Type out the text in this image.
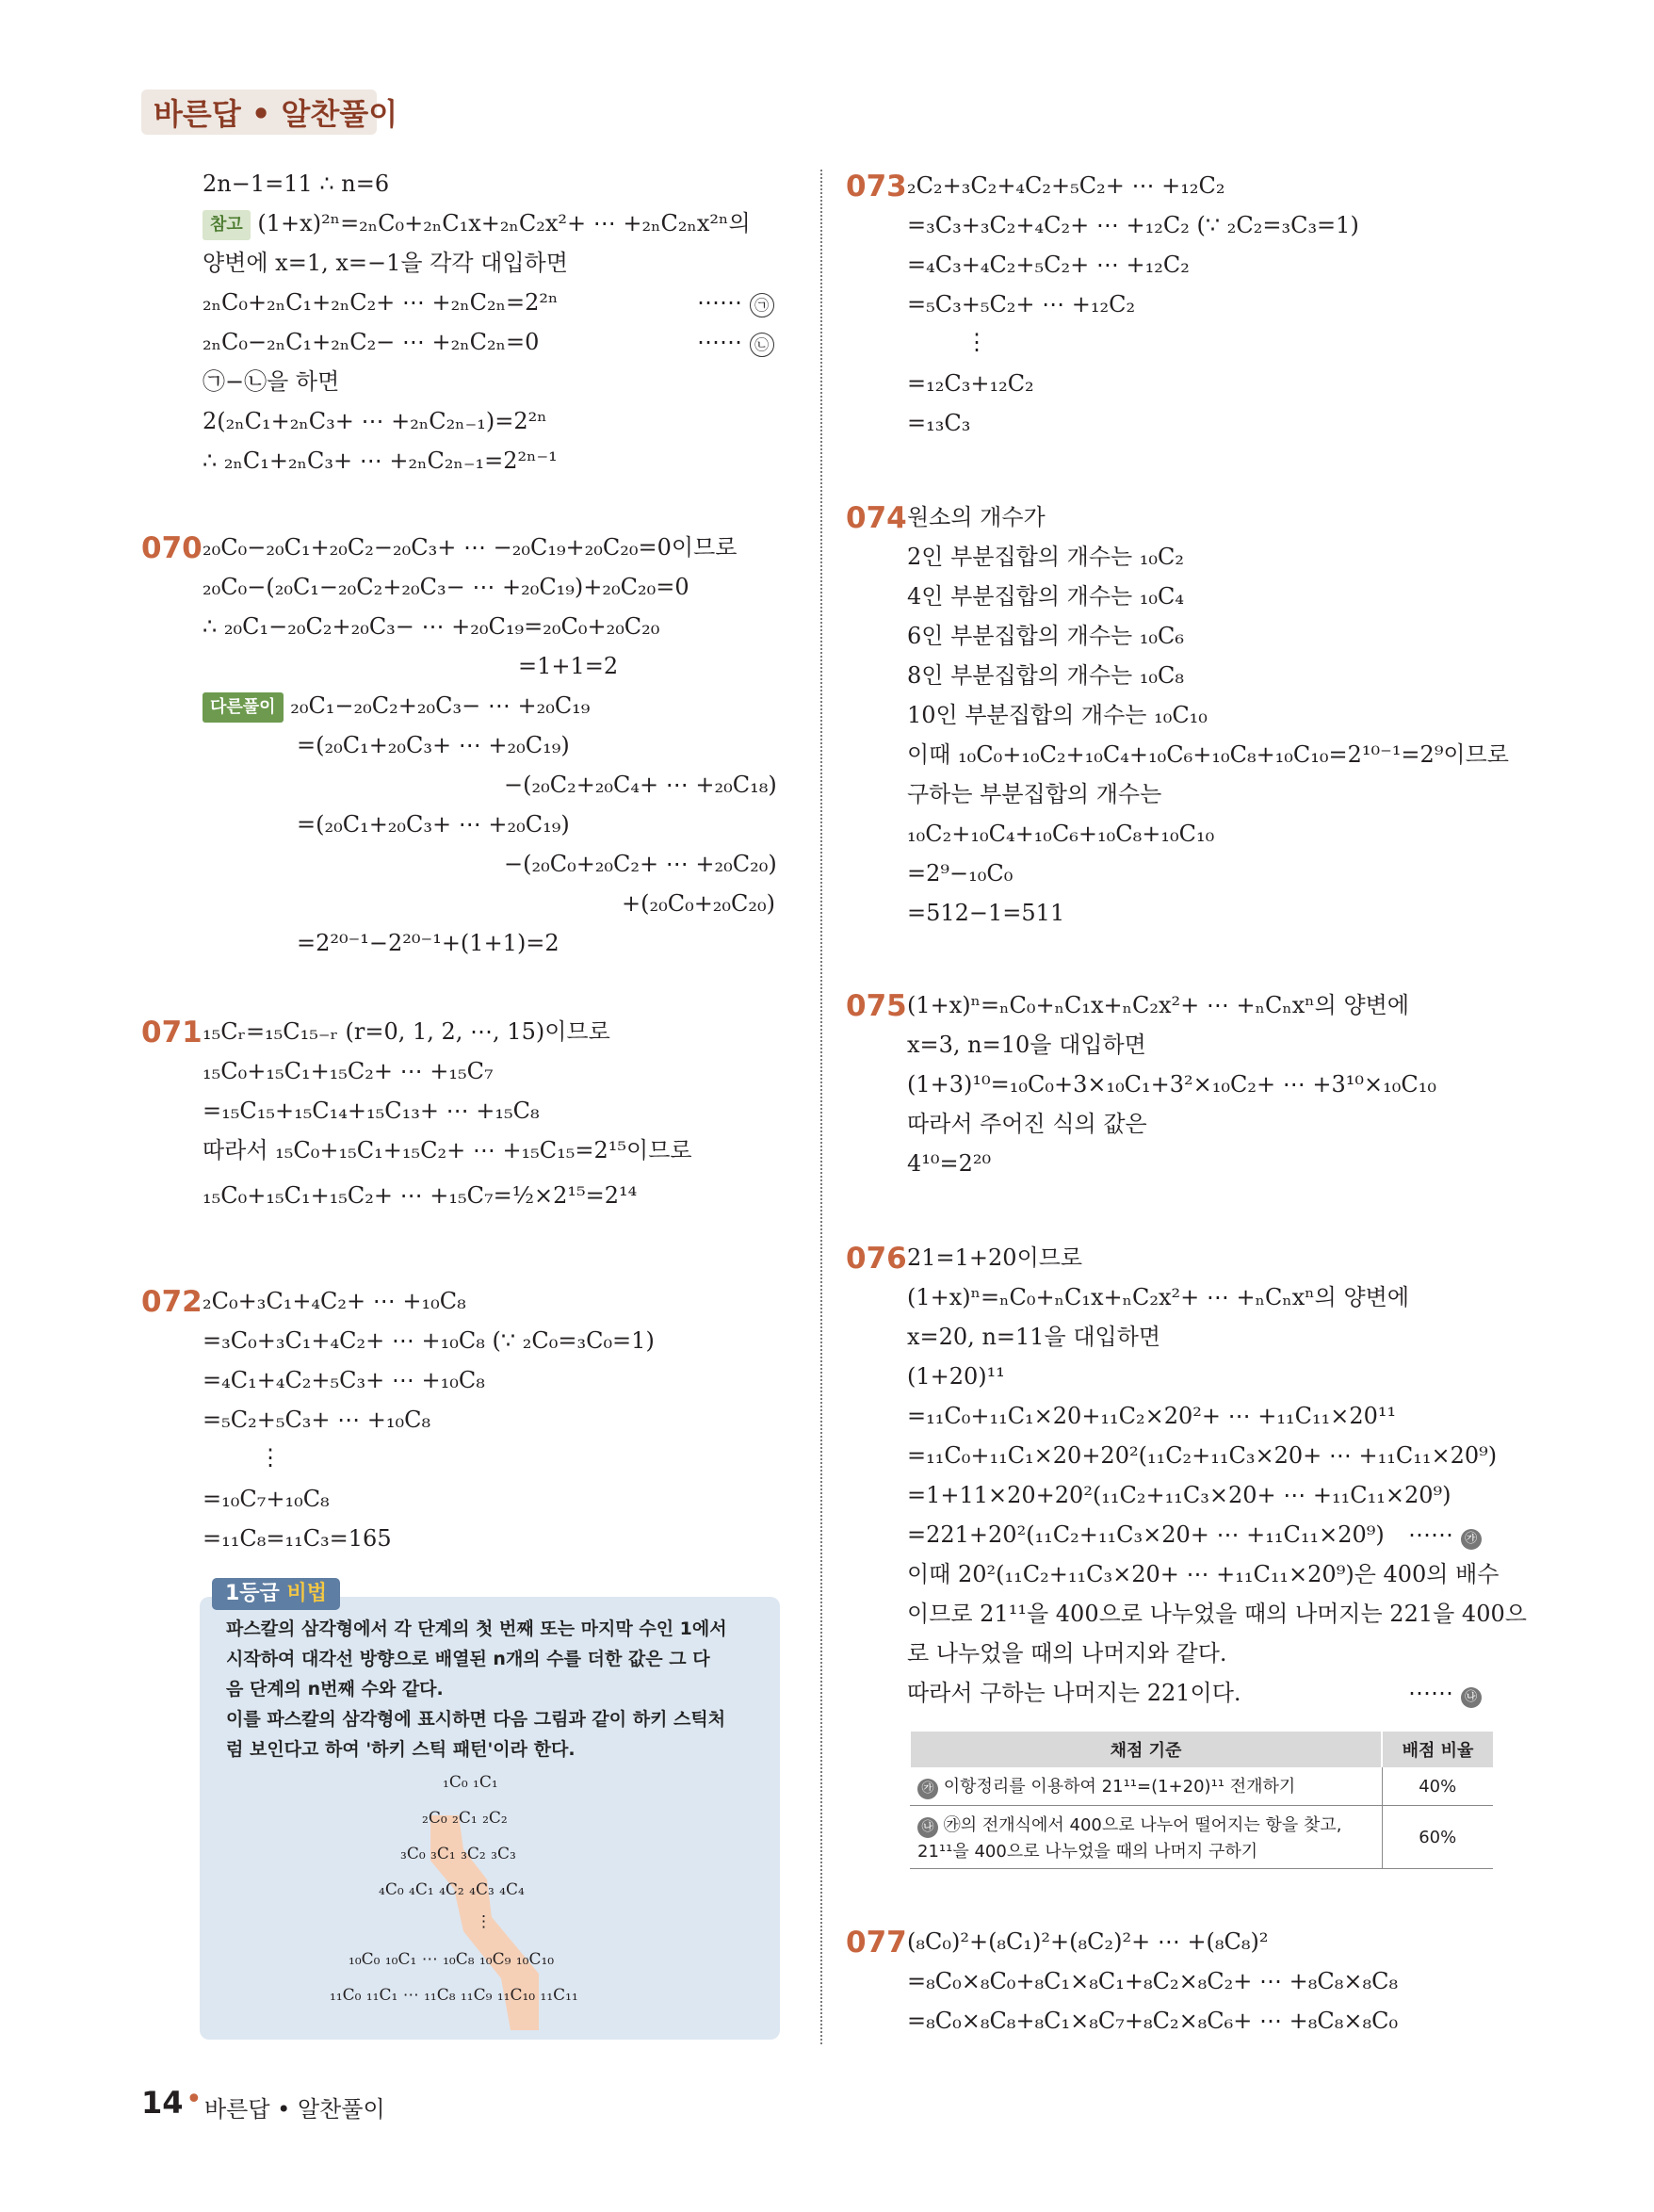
바른답 • 알찬풀이
2n−1=11 ∴ n=6
참고 (1+x)²ⁿ=₂ₙC₀+₂ₙC₁x+₂ₙC₂x²+ ⋯ +₂ₙC₂ₙx²ⁿ의
양변에 x=1, x=−1을 각각 대입하면
₂ₙC₀+₂ₙC₁+₂ₙC₂+ ⋯ +₂ₙC₂ₙ=2²ⁿ	⋯⋯ ㉠
₂ₙC₀−₂ₙC₁+₂ₙC₂− ⋯ +₂ₙC₂ₙ=0	⋯⋯ ㉡
㉠−㉡을 하면
2(₂ₙC₁+₂ₙC₃+ ⋯ +₂ₙC₂ₙ₋₁)=2²ⁿ
∴ ₂ₙC₁+₂ₙC₃+ ⋯ +₂ₙC₂ₙ₋₁=2²ⁿ⁻¹
070 ₂₀C₀−₂₀C₁+₂₀C₂−₂₀C₃+ ⋯ −₂₀C₁₉+₂₀C₂₀=0이므로
₂₀C₀−(₂₀C₁−₂₀C₂+₂₀C₃− ⋯ +₂₀C₁₉)+₂₀C₂₀=0
∴ ₂₀C₁−₂₀C₂+₂₀C₃− ⋯ +₂₀C₁₉=₂₀C₀+₂₀C₂₀
=1+1=2
다른풀이 ₂₀C₁−₂₀C₂+₂₀C₃− ⋯ +₂₀C₁₉
=(₂₀C₁+₂₀C₃+ ⋯ +₂₀C₁₉)
−(₂₀C₂+₂₀C₄+ ⋯ +₂₀C₁₈)
=(₂₀C₁+₂₀C₃+ ⋯ +₂₀C₁₉)
−(₂₀C₀+₂₀C₂+ ⋯ +₂₀C₂₀)
+(₂₀C₀+₂₀C₂₀)
=2²⁰⁻¹−2²⁰⁻¹+(1+1)=2
071 ₁₅Cᵣ=₁₅C₁₅₋ᵣ (r=0, 1, 2, ⋯, 15)이므로
₁₅C₀+₁₅C₁+₁₅C₂+ ⋯ +₁₅C₇
=₁₅C₁₅+₁₅C₁₄+₁₅C₁₃+ ⋯ +₁₅C₈
따라서 ₁₅C₀+₁₅C₁+₁₅C₂+ ⋯ +₁₅C₁₅=2¹⁵이므로
₁₅C₀+₁₅C₁+₁₅C₂+ ⋯ +₁₅C₇=½×2¹⁵=2¹⁴
072 ₂C₀+₃C₁+₄C₂+ ⋯ +₁₀C₈
=₃C₀+₃C₁+₄C₂+ ⋯ +₁₀C₈ (∵ ₂C₀=₃C₀=1)
=₄C₁+₄C₂+₅C₃+ ⋯ +₁₀C₈
=₅C₂+₅C₃+ ⋯ +₁₀C₈
⋮
=₁₀C₇+₁₀C₈
=₁₁C₈=₁₁C₃=165
1등급 비법
파스칼의 삼각형에서 각 단계의 첫 번째 또는 마지막 수인 1에서
시작하여 대각선 방향으로 배열된 n개의 수를 더한 값은 그 다
음 단계의 n번째 수와 같다.
이를 파스칼의 삼각형에 표시하면 다음 그림과 같이 하키 스틱처
럼 보인다고 하여 '하키 스틱 패턴'이라 한다.
₁C₀ ₁C₁
₂C₀ ₂C₁ ₂C₂
₃C₀ ₃C₁ ₃C₂ ₃C₃
₄C₀ ₄C₁ ₄C₂ ₄C₃ ₄C₄
⋮
₁₀C₀ ₁₀C₁ ⋯ ₁₀C₈ ₁₀C₉ ₁₀C₁₀
₁₁C₀ ₁₁C₁ ⋯ ₁₁C₈ ₁₁C₉ ₁₁C₁₀ ₁₁C₁₁
073 ₂C₂+₃C₂+₄C₂+₅C₂+ ⋯ +₁₂C₂
=₃C₃+₃C₂+₄C₂+ ⋯ +₁₂C₂ (∵ ₂C₂=₃C₃=1)
=₄C₃+₄C₂+₅C₂+ ⋯ +₁₂C₂
=₅C₃+₅C₂+ ⋯ +₁₂C₂
⋮
=₁₂C₃+₁₂C₂
=₁₃C₃
074 원소의 개수가
2인 부분집합의 개수는 ₁₀C₂
4인 부분집합의 개수는 ₁₀C₄
6인 부분집합의 개수는 ₁₀C₆
8인 부분집합의 개수는 ₁₀C₈
10인 부분집합의 개수는 ₁₀C₁₀
이때 ₁₀C₀+₁₀C₂+₁₀C₄+₁₀C₆+₁₀C₈+₁₀C₁₀=2¹⁰⁻¹=2⁹이므로
구하는 부분집합의 개수는
₁₀C₂+₁₀C₄+₁₀C₆+₁₀C₈+₁₀C₁₀
=2⁹−₁₀C₀
=512−1=511
075 (1+x)ⁿ=ₙC₀+ₙC₁x+ₙC₂x²+ ⋯ +ₙCₙxⁿ의 양변에
x=3, n=10을 대입하면
(1+3)¹⁰=₁₀C₀+3×₁₀C₁+3²×₁₀C₂+ ⋯ +3¹⁰×₁₀C₁₀
따라서 주어진 식의 값은
4¹⁰=2²⁰
076 21=1+20이므로
(1+x)ⁿ=ₙC₀+ₙC₁x+ₙC₂x²+ ⋯ +ₙCₙxⁿ의 양변에
x=20, n=11을 대입하면
(1+20)¹¹
=₁₁C₀+₁₁C₁×20+₁₁C₂×20²+ ⋯ +₁₁C₁₁×20¹¹
=₁₁C₀+₁₁C₁×20+20²(₁₁C₂+₁₁C₃×20+ ⋯ +₁₁C₁₁×20⁹)
=1+11×20+20²(₁₁C₂+₁₁C₃×20+ ⋯ +₁₁C₁₁×20⁹)
=221+20²(₁₁C₂+₁₁C₃×20+ ⋯ +₁₁C₁₁×20⁹) ⋯⋯ ㉮
이때 20²(₁₁C₂+₁₁C₃×20+ ⋯ +₁₁C₁₁×20⁹)은 400의 배수
이므로 21¹¹을 400으로 나누었을 때의 나머지는 221을 400으
로 나누었을 때의 나머지와 같다.
따라서 구하는 나머지는 221이다.	⋯⋯ ㉯
채점 기준	배점 비율
㉮ 이항정리를 이용하여 21¹¹=(1+20)¹¹ 전개하기	40%
㉯ ㉮의 전개식에서 400으로 나누어 떨어지는 항을 찾고, 21¹¹을 400으로 나누었을 때의 나머지 구하기	60%
077 (₈C₀)²+(₈C₁)²+(₈C₂)²+ ⋯ +(₈C₈)²
=₈C₀×₈C₀+₈C₁×₈C₁+₈C₂×₈C₂+ ⋯ +₈C₈×₈C₈
=₈C₀×₈C₈+₈C₁×₈C₇+₈C₂×₈C₆+ ⋯ +₈C₈×₈C₀
14 • 바른답 • 알찬풀이
